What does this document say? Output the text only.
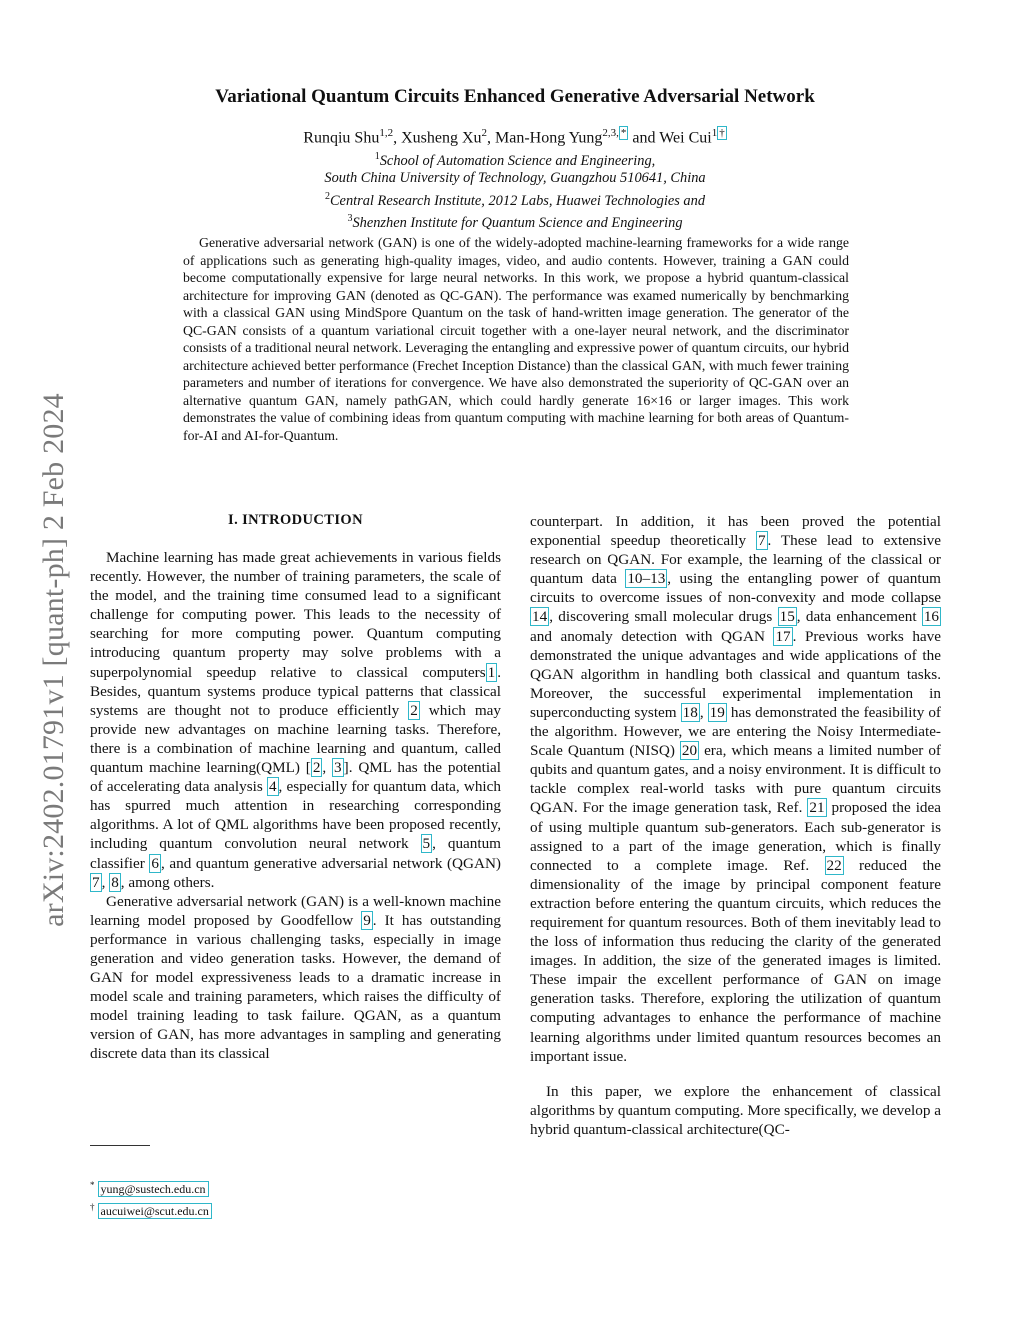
arXiv:2402.01791v1 [quant-ph] 2 Feb 2024
Variational Quantum Circuits Enhanced Generative Adversarial Network
Runqiu Shu$^{1,2}$, Xusheng Xu$^2$, Man-Hong Yung$^{2,3,}$ * and Wei Cui$^1$ †
$^1$School of Automation Science and Engineering,
South China University of Technology, Guangzhou 510641, China
$^2$Central Research Institute, 2012 Labs, Huawei Technologies and
$^3$Shenzhen Institute for Quantum Science and Engineering
Generative adversarial network (GAN) is one of the widely-adopted machine-learning frameworks for a wide range of applications such as generating high-quality images, video, and audio contents. However, training a GAN could become computationally expensive for large neural networks. In this work, we propose a hybrid quantum-classical architecture for improving GAN (denoted as QC-GAN). The performance was examed numerically by benchmarking with a classical GAN using MindSpore Quantum on the task of hand-written image generation. The generator of the QC-GAN consists of a quantum variational circuit together with a one-layer neural network, and the discriminator consists of a traditional neural network. Leveraging the entangling and expressive power of quantum circuits, our hybrid architecture achieved better performance (Frechet Inception Distance) than the classical GAN, with much fewer training parameters and number of iterations for convergence. We have also demonstrated the superiority of QC-GAN over an alternative quantum GAN, namely pathGAN, which could hardly generate 16×16 or larger images. This work demonstrates the value of combining ideas from quantum computing with machine learning for both areas of Quantum-for-AI and AI-for-Quantum.
I. INTRODUCTION

Machine learning has made great achievements in various fields recently. However, the number of training parameters, the scale of the model, and the training time consumed lead to a significant challenge for computing power. This leads to the necessity of searching for more computing power. Quantum computing introducing quantum property may solve problems with a superpolynomial speedup relative to classical computers 1 . Besides, quantum systems produce typical patterns that classical systems are thought not to produce efficiently 2 which may provide new advantages on machine learning tasks. Therefore, there is a combination of machine learning and quantum, called quantum machine learning(QML) [ 2 , 3 ]. QML has the potential of accelerating data analysis 4 , especially for quantum data, which has spurred much attention in researching corresponding algorithms. A lot of QML algorithms have been proposed recently, including quantum convolution neural network 5 , quantum classifier 6 , and quantum generative adversarial network (QGAN) 7 , 8 , among others.

Generative adversarial network (GAN) is a well-known machine learning model proposed by Goodfellow 9 . It has outstanding performance in various challenging tasks, especially in image generation and video generation tasks. However, the demand of GAN for model expressiveness leads to a dramatic increase in model scale and training parameters, which raises the difficulty of model training leading to task failure. QGAN, as a quantum version of GAN, has more advantages in sampling and generating discrete data than its classical

counterpart. In addition, it has been proved the potential exponential speedup theoretically 7 . These lead to extensive research on QGAN. For example, the learning of the classical or quantum data 10–13 , using the entangling power of quantum circuits to overcome issues of non-convexity and mode collapse 14 , discovering small molecular drugs 15 , data enhancement 16 and anomaly detection with QGAN 17 . Previous works have demonstrated the unique advantages and wide applications of the QGAN algorithm in handling both classical and quantum tasks. Moreover, the successful experimental implementation in superconducting system 18 , 19 has demonstrated the feasibility of the algorithm. However, we are entering the Noisy Intermediate-Scale Quantum (NISQ) 20 era, which means a limited number of qubits and quantum gates, and a noisy environment. It is difficult to tackle complex real-world tasks with pure quantum circuits QGAN. For the image generation task, Ref. 21 proposed the idea of using multiple quantum sub-generators. Each sub-generator is assigned to a part of the image generation, which is finally connected to a complete image. Ref. 22 reduced the dimensionality of the image by principal component feature extraction before entering the quantum circuits, which reduces the requirement for quantum resources. Both of them inevitably lead to the loss of information thus reducing the clarity of the generated images. In addition, the size of the generated images is limited. These impair the excellent performance of GAN on image generation tasks. Therefore, exploring the utilization of quantum computing advantages to enhance the performance of machine learning algorithms under limited quantum resources becomes an important issue.

In this paper, we explore the enhancement of classical algorithms by quantum computing. More specifically, we develop a hybrid quantum-classical architecture(QC-

* yung@sustech.edu.cn
† aucuiwei@scut.edu.cn
